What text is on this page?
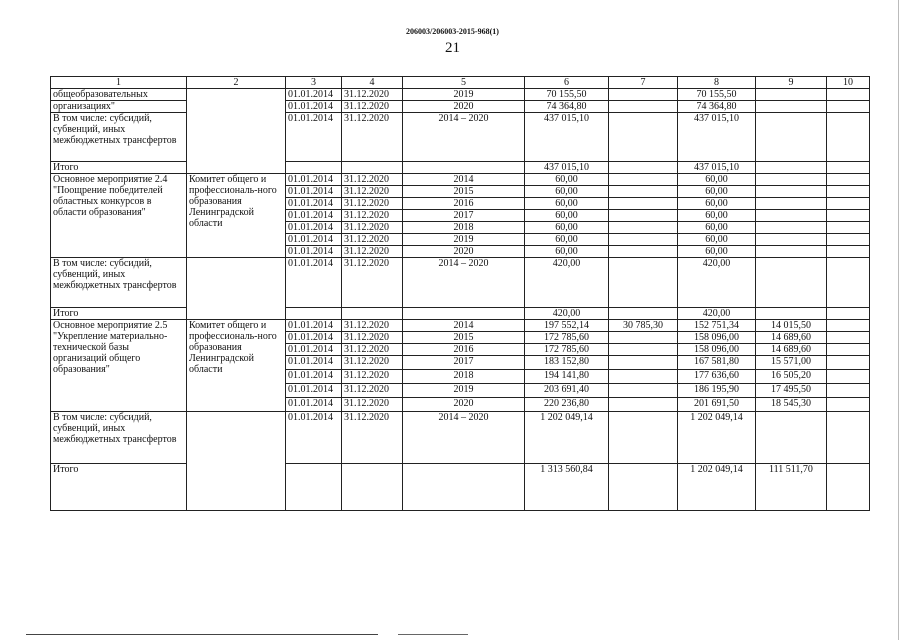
206003/206003-2015-968(1)
21
1	2	3	4	5	6	7	8	9	10
общеобразовательных		01.01.2014	31.12.2020	2019	70 155,50		70 155,50		
организациях"		01.01.2014	31.12.2020	2020	74 364,80		74 364,80		
В том числе: субсидий, субвенций, иных межбюджетных трансфертов		01.01.2014	31.12.2020	2014 – 2020	437 015,10		437 015,10		
Итого					437 015,10		437 015,10		
Основное мероприятие 2.4 "Поощрение победителей областных конкурсов в области образования"	Комитет общего и профессиональ-ного образования Ленинградской области	01.01.2014	31.12.2020	2014	60,00		60,00		
		01.01.2014	31.12.2020	2015	60,00		60,00		
		01.01.2014	31.12.2020	2016	60,00		60,00		
		01.01.2014	31.12.2020	2017	60,00		60,00		
		01.01.2014	31.12.2020	2018	60,00		60,00		
		01.01.2014	31.12.2020	2019	60,00		60,00		
		01.01.2014	31.12.2020	2020	60,00		60,00		
В том числе: субсидий, субвенций, иных межбюджетных трансфертов		01.01.2014	31.12.2020	2014 – 2020	420,00		420,00		
Итого					420,00		420,00		
Основное мероприятие 2.5 "Укрепление материально-технической базы организаций общего образования"	Комитет общего и профессиональ-ного образования Ленинградской области	01.01.2014	31.12.2020	2014	197 552,14	30 785,30	152 751,34	14 015,50	
		01.01.2014	31.12.2020	2015	172 785,60		158 096,00	14 689,60	
		01.01.2014	31.12.2020	2016	172 785,60		158 096,00	14 689,60	
		01.01.2014	31.12.2020	2017	183 152,80		167 581,80	15 571,00	
		01.01.2014	31.12.2020	2018	194 141,80		177 636,60	16 505,20	
		01.01.2014	31.12.2020	2019	203 691,40		186 195,90	17 495,50	
		01.01.2014	31.12.2020	2020	220 236,80		201 691,50	18 545,30	
В том числе: субсидий, субвенций, иных межбюджетных трансфертов		01.01.2014	31.12.2020	2014 – 2020	1 202 049,14		1 202 049,14		
Итого					1 313 560,84		1 202 049,14	111 511,70	
